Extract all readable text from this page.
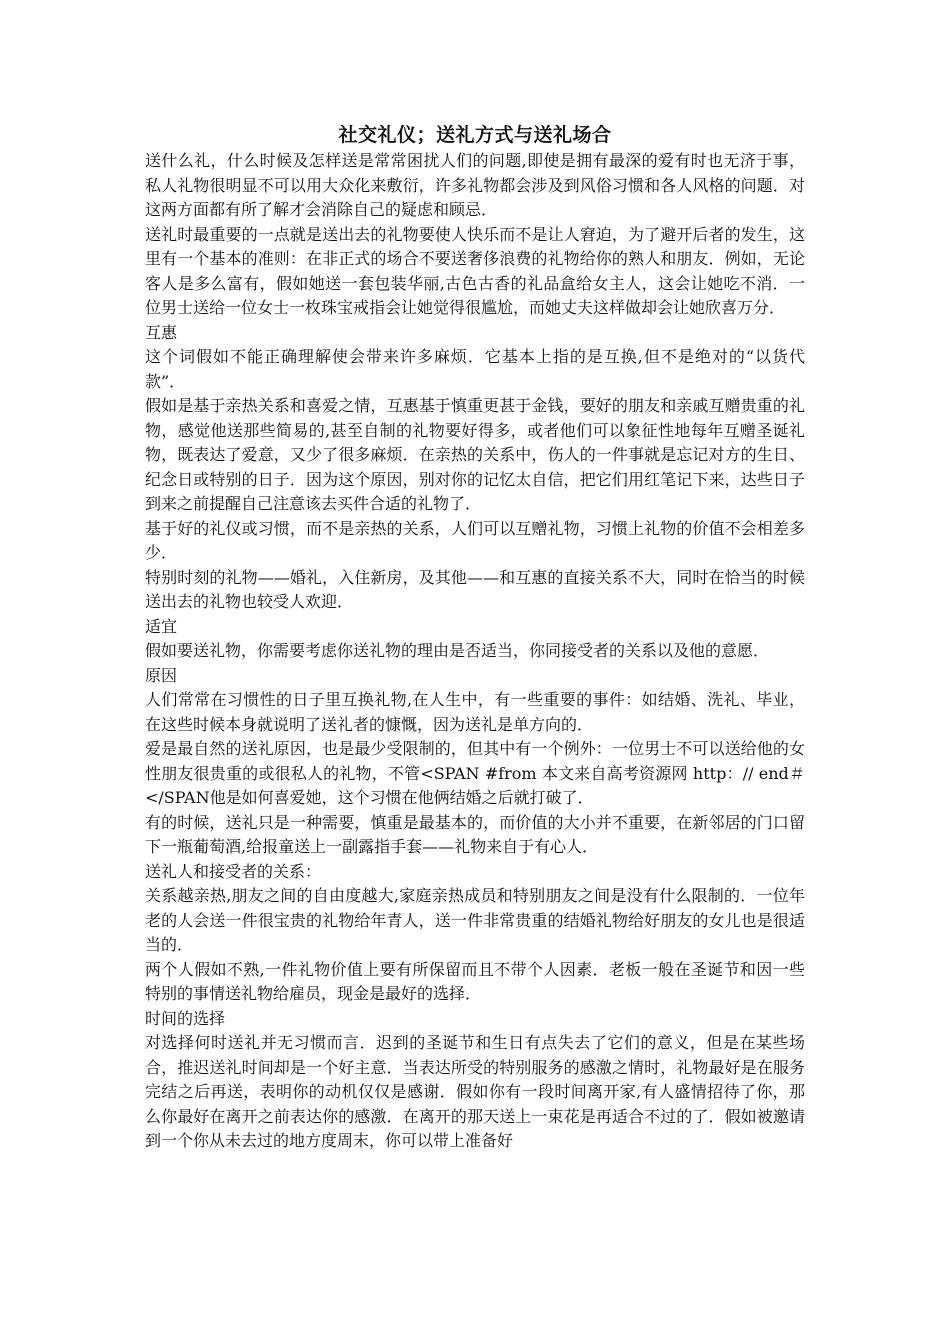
社交礼仪；送礼方式与送礼场合

送什么礼，什么时候及怎样送是常常困扰人们的问题,即使是拥有最深的爱有时也无济于事，私人礼物很明显不可以用大众化来敷衍，许多礼物都会涉及到风俗习惯和各人风格的问题．对这两方面都有所了解才会消除自己的疑虑和顾忌．

送礼时最重要的一点就是送出去的礼物要使人快乐而不是让人窘迫，为了避开后者的发生，这里有一个基本的准则：在非正式的场合不要送奢侈浪费的礼物给你的熟人和朋友．例如，无论客人是多么富有，假如她送一套包装华丽,古色古香的礼品盒给女主人，这会让她吃不消．一位男士送给一位女士一枚珠宝戒指会让她觉得很尴尬，而她丈夫这样做却会让她欣喜万分．

互惠

这个词假如不能正确理解使会带来许多麻烦．它基本上指的是互换,但不是绝对的“以货代款”．

假如是基于亲热关系和喜爱之情，互惠基于慎重更甚于金钱，要好的朋友和亲戚互赠贵重的礼物，感觉他送那些简易的,甚至自制的礼物要好得多，或者他们可以象征性地每年互赠圣诞礼物，既表达了爱意，又少了很多麻烦．在亲热的关系中，伤人的一件事就是忘记对方的生日、纪念日或特别的日子．因为这个原因，别对你的记忆太自信，把它们用红笔记下来，达些日子到来之前提醒自己注意该去买件合适的礼物了．

基于好的礼仪或习惯，而不是亲热的关系，人们可以互赠礼物，习惯上礼物的价值不会相差多少．

特别时刻的礼物——婚礼，入住新房，及其他——和互惠的直接关系不大，同时在恰当的时候送出去的礼物也较受人欢迎．

适宜

假如要送礼物，你需要考虑你送礼物的理由是否适当，你同接受者的关系以及他的意愿．

原因

人们常常在习惯性的日子里互换礼物,在人生中，有一些重要的事件：如结婚、洗礼、毕业，在这些时候本身就说明了送礼者的慷慨，因为送礼是单方向的．

爱是最自然的送礼原因，也是最少受限制的，但其中有一个例外：一位男士不可以送给他的女性朋友很贵重的或很私人的礼物，不管<SPAN #from 本文来自高考资源网 http：// end＃</SPAN他是如何喜爱她，这个习惯在他俩结婚之后就打破了．

有的时候，送礼只是一种需要，慎重是最基本的，而价值的大小并不重要，在新邻居的门口留下一瓶葡萄酒,给报童送上一副露指手套——礼物来自于有心人．

送礼人和接受者的关系：

关系越亲热,朋友之间的自由度越大,家庭亲热成员和特别朋友之间是没有什么限制的．一位年老的人会送一件很宝贵的礼物给年青人，送一件非常贵重的结婚礼物给好朋友的女儿也是很适当的．

两个人假如不熟,一件礼物价值上要有所保留而且不带个人因素．老板一般在圣诞节和因一些特别的事情送礼物给雇员，现金是最好的选择．

时间的选择

对选择何时送礼并无习惯而言．迟到的圣诞节和生日有点失去了它们的意义，但是在某些场合，推迟送礼时间却是一个好主意．当表达所受的特别服务的感激之情时，礼物最好是在服务完结之后再送，表明你的动机仅仅是感谢．假如你有一段时间离开家,有人盛情招待了你，那么你最好在离开之前表达你的感激．在离开的那天送上一束花是再适合不过的了．假如被邀请到一个你从未去过的地方度周末，你可以带上准备好
